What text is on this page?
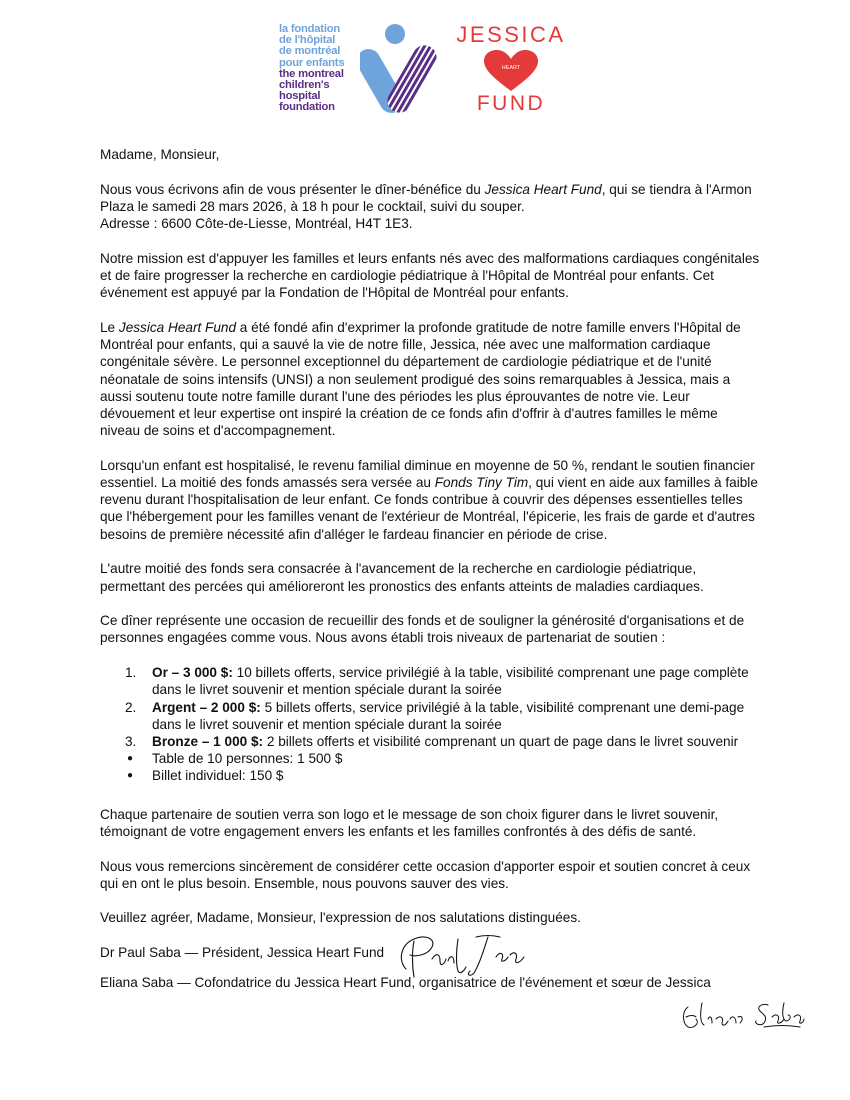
la fondation
de l'hôpital
de montréal
pour enfants
the montreal
children's
hospital
foundation
JESSICA
HEART
FUND

Madame, Monsieur,

Nous vous écrivons afin de vous présenter le dîner-bénéfice du Jessica Heart Fund, qui se tiendra à l'Armon Plaza le samedi 28 mars 2026, à 18 h pour le cocktail, suivi du souper.
Adresse : 6600 Côte-de-Liesse, Montréal, H4T 1E3.

Notre mission est d'appuyer les familles et leurs enfants nés avec des malformations cardiaques congénitales et de faire progresser la recherche en cardiologie pédiatrique à l'Hôpital de Montréal pour enfants. Cet événement est appuyé par la Fondation de l'Hôpital de Montréal pour enfants.

Le Jessica Heart Fund a été fondé afin d'exprimer la profonde gratitude de notre famille envers l'Hôpital de Montréal pour enfants, qui a sauvé la vie de notre fille, Jessica, née avec une malformation cardiaque congénitale sévère. Le personnel exceptionnel du département de cardiologie pédiatrique et de l'unité néonatale de soins intensifs (UNSI) a non seulement prodigué des soins remarquables à Jessica, mais a aussi soutenu toute notre famille durant l'une des périodes les plus éprouvantes de notre vie. Leur dévouement et leur expertise ont inspiré la création de ce fonds afin d'offrir à d'autres familles le même niveau de soins et d'accompagnement.

Lorsqu'un enfant est hospitalisé, le revenu familial diminue en moyenne de 50 %, rendant le soutien financier essentiel. La moitié des fonds amassés sera versée au Fonds Tiny Tim, qui vient en aide aux familles à faible revenu durant l'hospitalisation de leur enfant. Ce fonds contribue à couvrir des dépenses essentielles telles que l'hébergement pour les familles venant de l'extérieur de Montréal, l'épicerie, les frais de garde et d'autres besoins de première nécessité afin d'alléger le fardeau financier en période de crise.

L'autre moitié des fonds sera consacrée à l'avancement de la recherche en cardiologie pédiatrique, permettant des percées qui amélioreront les pronostics des enfants atteints de maladies cardiaques.

Ce dîner représente une occasion de recueillir des fonds et de souligner la générosité d'organisations et de personnes engagées comme vous. Nous avons établi trois niveaux de partenariat de soutien :

1. Or – 3 000 $: 10 billets offerts, service privilégié à la table, visibilité comprenant une page complète dans le livret souvenir et mention spéciale durant la soirée
2. Argent – 2 000 $: 5 billets offerts, service privilégié à la table, visibilité comprenant une demi-page dans le livret souvenir et mention spéciale durant la soirée
3. Bronze – 1 000 $: 2 billets offerts et visibilité comprenant un quart de page dans le livret souvenir
● Table de 10 personnes: 1 500 $
● Billet individuel: 150 $

Chaque partenaire de soutien verra son logo et le message de son choix figurer dans le livret souvenir, témoignant de votre engagement envers les enfants et les familles confrontés à des défis de santé.

Nous vous remercions sincèrement de considérer cette occasion d'apporter espoir et soutien concret à ceux qui en ont le plus besoin. Ensemble, nous pouvons sauver des vies.

Veuillez agréer, Madame, Monsieur, l'expression de nos salutations distinguées.

Dr Paul Saba — Président, Jessica Heart Fund

Eliana Saba — Cofondatrice du Jessica Heart Fund, organisatrice de l'événement et sœur de Jessica
